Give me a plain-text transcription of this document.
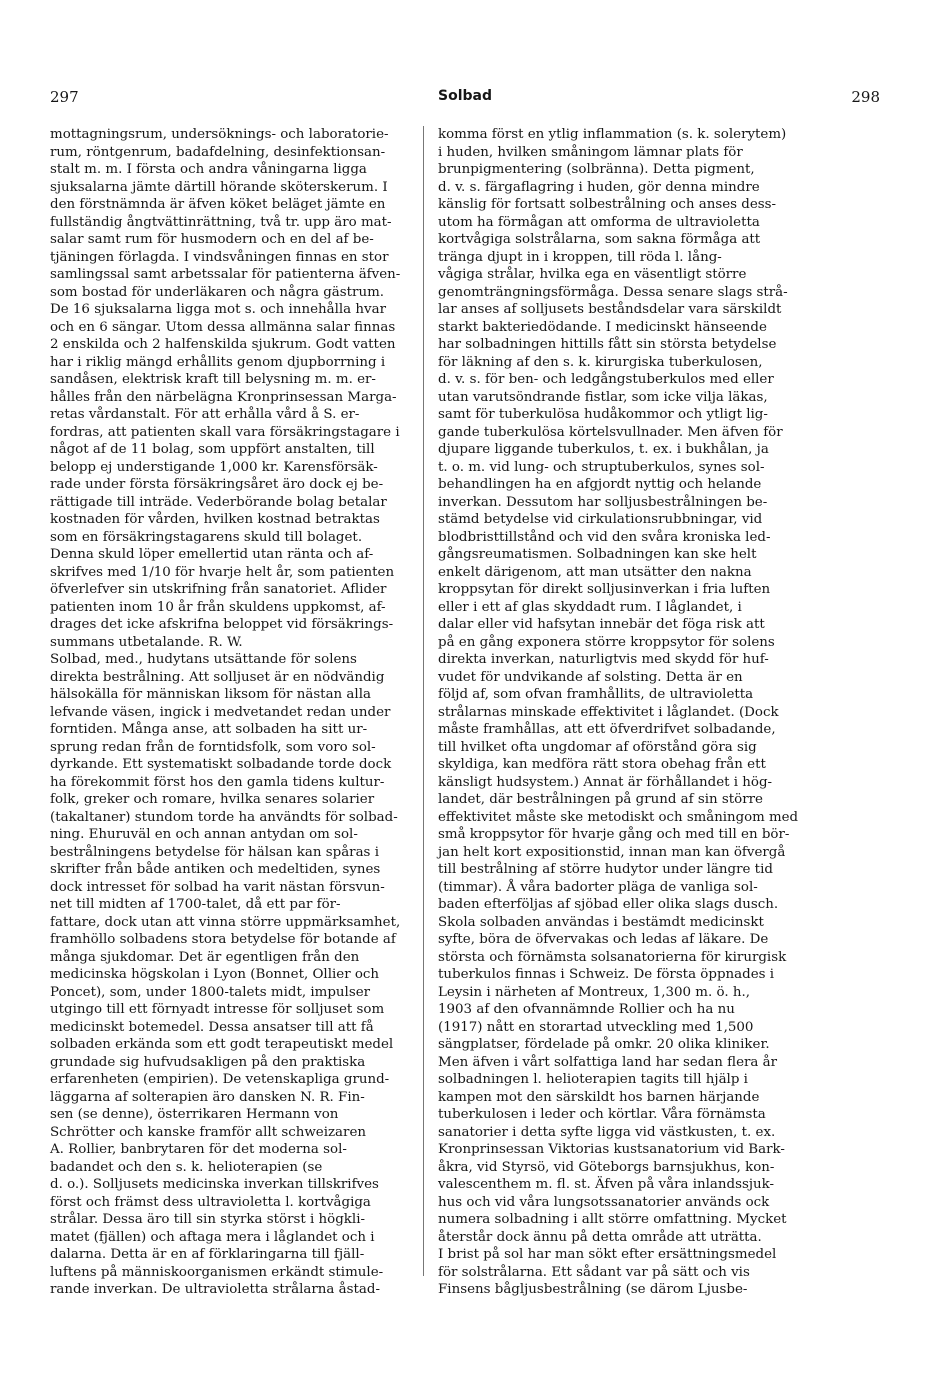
297	Solbad	298
mottagningsrum, undersöknings- och laboratorie-
rum, röntgenrum, badafdelning, desinfektionsan-
stalt m. m. I första och andra våningarna ligga
sjuksalarna jämte därtill hörande sköterskerum. I
den förstnämnda är äfven köket beläget jämte en
fullständig ångtvättinrättning, två tr. upp äro mat-
salar samt rum för husmodern och en del af be-
tjäningen förlagda. I vindsvåningen finnas en stor
samlingssal samt arbetssalar för patienterna äfven-
som bostad för underläkaren och några gästrum.
De 16 sjuksalarna ligga mot s. och innehålla hvar
och en 6 sängar. Utom dessa allmänna salar finnas
2 enskilda och 2 halfenskilda sjukrum. Godt vatten
har i riklig mängd erhållits genom djupborrning i
sandåsen, elektrisk kraft till belysning m. m. er-
hålles från den närbelägna Kronprinsessan Marga-
retas vårdanstalt. För att erhålla vård å S. er-
fordras, att patienten skall vara försäkringstagare i
något af de 11 bolag, som uppfört anstalten, till
belopp ej understigande 1,000 kr. Karensförsäk-
rade under första försäkringsåret äro dock ej be-
rättigade till inträde. Vederbörande bolag betalar
kostnaden för vården, hvilken kostnad betraktas
som en försäkringstagarens skuld till bolaget.
Denna skuld löper emellertid utan ränta och af-
skrifves med 1/10 för hvarje helt år, som patienten
öfverlefver sin utskrifning från sanatoriet. Aflider
patienten inom 10 år från skuldens uppkomst, af-
drages det icke afskrifna beloppet vid försäkrings-
summans utbetalande. R. W.
Solbad, med., hudytans utsättande för solens
direkta bestrålning. Att solljuset är en nödvändig
hälsokälla för människan liksom för nästan alla
lefvande väsen, ingick i medvetandet redan under
forntiden. Många anse, att solbaden ha sitt ur-
sprung redan från de forntidsfolk, som voro sol-
dyrkande. Ett systematiskt solbadande torde dock
ha förekommit först hos den gamla tidens kultur-
folk, greker och romare, hvilka senares solarier
(takaltaner) stundom torde ha användts för solbad-
ning. Ehuruväl en och annan antydan om sol-
bestrålningens betydelse för hälsan kan spåras i
skrifter från både antiken och medeltiden, synes
dock intresset för solbad ha varit nästan försvun-
net till midten af 1700-talet, då ett par för-
fattare, dock utan att vinna större uppmärksamhet,
framhöllo solbadens stora betydelse för botande af
många sjukdomar. Det är egentligen från den
medicinska högskolan i Lyon (Bonnet, Ollier och
Poncet), som, under 1800-talets midt, impulser
utgingo till ett förnyadt intresse för solljuset som
medicinskt botemedel. Dessa ansatser till att få
solbaden erkända som ett godt terapeutiskt medel
grundade sig hufvudsakligen på den praktiska
erfarenheten (empirien). De vetenskapliga grund-
läggarna af solterapien äro dansken N. R. Fin-
sen (se denne), österrikaren Hermann von
Schrötter och kanske framför allt schweizaren
A. Rollier, banbrytaren för det moderna sol-
badandet och den s. k. helioterapien (se
d. o.). Solljusets medicinska inverkan tillskrifves
först och främst dess ultravioletta l. kortvågiga
strålar. Dessa äro till sin styrka störst i högkli-
matet (fjällen) och aftaga mera i låglandet och i
dalarna. Detta är en af förklaringarna till fjäll-
luftens på människoorganismen erkändt stimule-
rande inverkan. De ultravioletta strålarna åstad-
komma först en ytlig inflammation (s. k. solerytem)
i huden, hvilken småningom lämnar plats för
brunpigmentering (solbränna). Detta pigment,
d. v. s. färgaflagring i huden, gör denna mindre
känslig för fortsatt solbestrålning och anses dess-
utom ha förmågan att omforma de ultravioletta
kortvågiga solstrålarna, som sakna förmåga att
tränga djupt in i kroppen, till röda l. lång-
vågiga strålar, hvilka ega en väsentligt större
genomträngningsförmåga. Dessa senare slags strå-
lar anses af solljusets beståndsdelar vara särskildt
starkt bakteriedödande. I medicinskt hänseende
har solbadningen hittills fått sin största betydelse
för läkning af den s. k. kirurgiska tuberkulosen,
d. v. s. för ben- och ledgångstuberkulos med eller
utan varutsöndrande fistlar, som icke vilja läkas,
samt för tuberkulösa hudåkommor och ytligt lig-
gande tuberkulösa körtelsvullnader. Men äfven för
djupare liggande tuberkulos, t. ex. i bukhålan, ja
t. o. m. vid lung- och struptuberkulos, synes sol-
behandlingen ha en afgjordt nyttig och helande
inverkan. Dessutom har solljusbestrålningen be-
stämd betydelse vid cirkulationsrubbningar, vid
blodbristtillstånd och vid den svåra kroniska led-
gångsreumatismen. Solbadningen kan ske helt
enkelt därigenom, att man utsätter den nakna
kroppsytan för direkt solljusinverkan i fria luften
eller i ett af glas skyddadt rum. I låglandet, i
dalar eller vid hafsytan innebär det föga risk att
på en gång exponera större kroppsytor för solens
direkta inverkan, naturligtvis med skydd för huf-
vudet för undvikande af solsting. Detta är en
följd af, som ofvan framhållits, de ultravioletta
strålarnas minskade effektivitet i låglandet. (Dock
måste framhållas, att ett öfverdrifvet solbadande,
till hvilket ofta ungdomar af oförstånd göra sig
skyldiga, kan medföra rätt stora obehag från ett
känsligt hudsystem.) Annat är förhållandet i hög-
landet, där bestrålningen på grund af sin större
effektivitet måste ske metodiskt och småningom med
små kroppsytor för hvarje gång och med till en bör-
jan helt kort expositionstid, innan man kan öfvergå
till bestrålning af större hudytor under längre tid
(timmar). Å våra badorter pläga de vanliga sol-
baden efterföljas af sjöbad eller olika slags dusch.
Skola solbaden användas i bestämdt medicinskt
syfte, böra de öfvervakas och ledas af läkare. De
största och förnämsta solsanatorierna för kirurgisk
tuberkulos finnas i Schweiz. De första öppnades i
Leysin i närheten af Montreux, 1,300 m. ö. h.,
1903 af den ofvannämnde Rollier och ha nu
(1917) nått en storartad utveckling med 1,500
sängplatser, fördelade på omkr. 20 olika kliniker.
Men äfven i vårt solfattiga land har sedan flera år
solbadningen l. helioterapien tagits till hjälp i
kampen mot den särskildt hos barnen härjande
tuberkulosen i leder och körtlar. Våra förnämsta
sanatorier i detta syfte ligga vid västkusten, t. ex.
Kronprinsessan Viktorias kustsanatorium vid Bark-
åkra, vid Styrsö, vid Göteborgs barnsjukhus, kon-
valescenthem m. fl. st. Äfven på våra inlandssjuk-
hus och vid våra lungsotssanatorier används ock
numera solbadning i allt större omfattning. Mycket
återstår dock ännu på detta område att uträtta.
I brist på sol har man sökt efter ersättningsmedel
för solstrålarna. Ett sådant var på sätt och vis
Finsens bågljusbestrålning (se därom Ljusbe-
